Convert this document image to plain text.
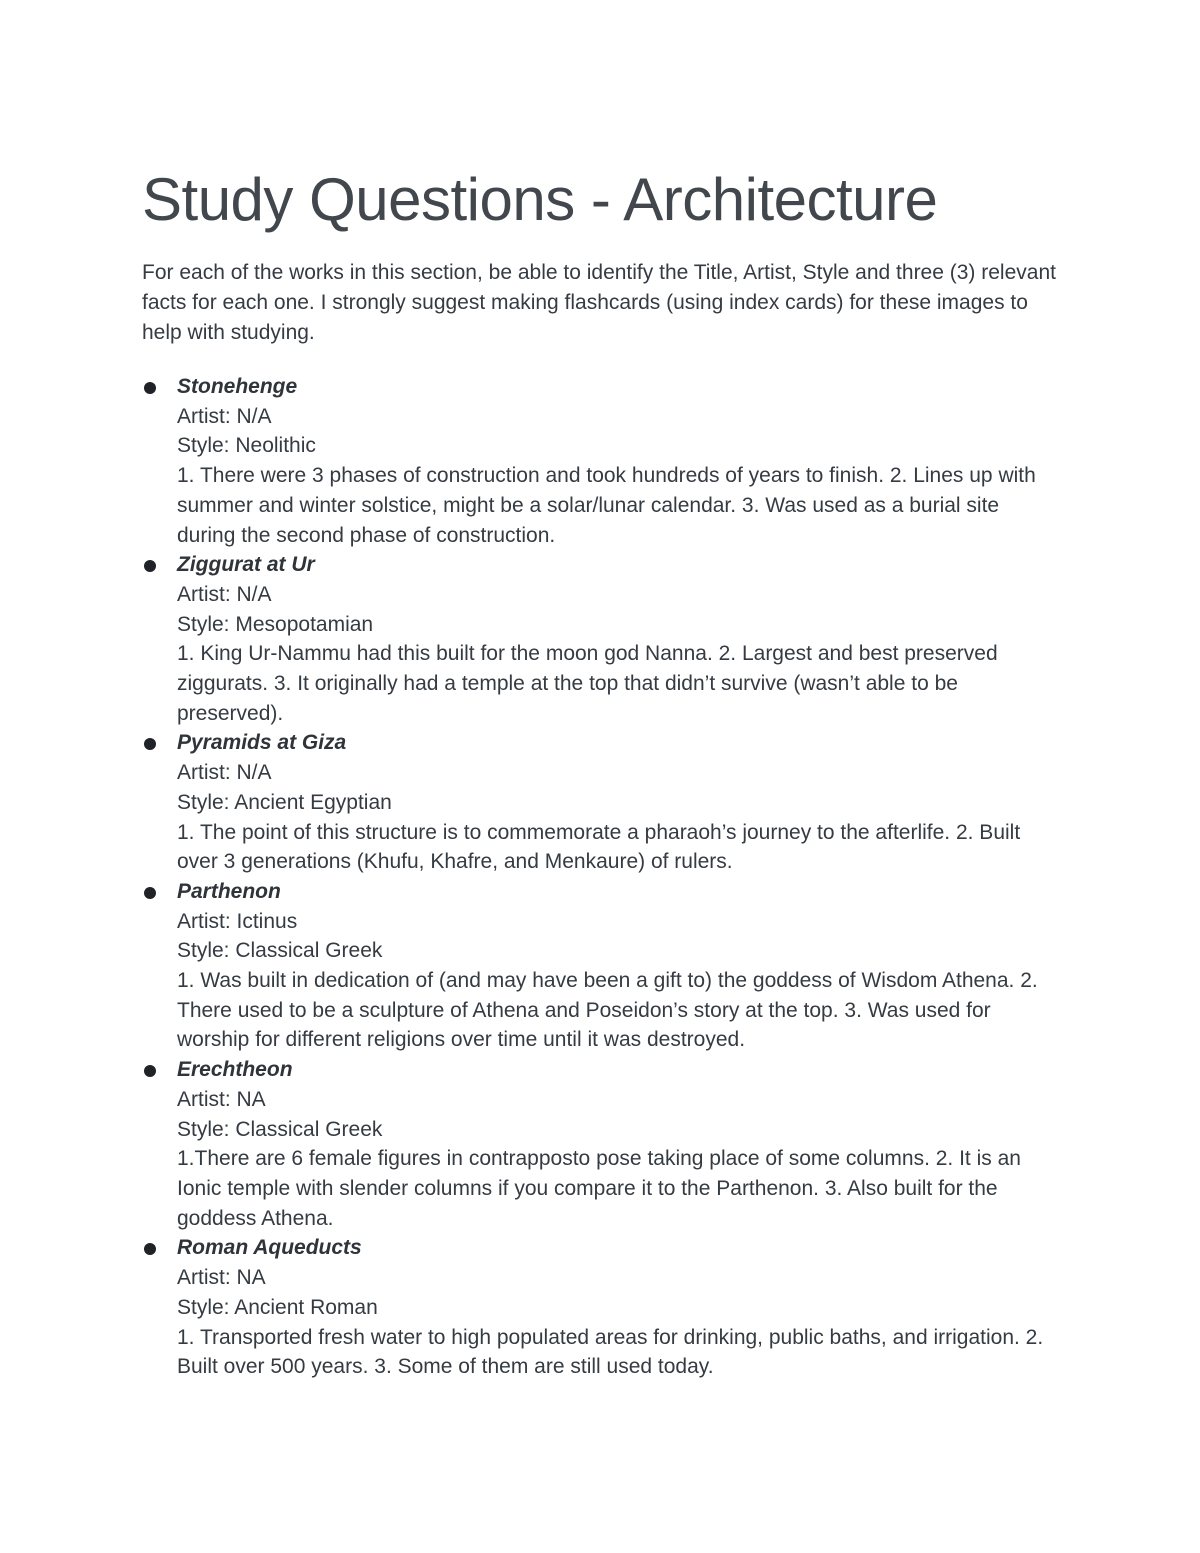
Study Questions - Architecture

For each of the works in this section, be able to identify the Title, Artist, Style and three (3) relevant facts for each one. I strongly suggest making flashcards (using index cards) for these images to help with studying.

Stonehenge
Artist: N/A
Style: Neolithic
1. There were 3 phases of construction and took hundreds of years to finish. 2. Lines up with summer and winter solstice, might be a solar/lunar calendar. 3. Was used as a burial site during the second phase of construction.
Ziggurat at Ur
Artist: N/A
Style: Mesopotamian
1. King Ur-Nammu had this built for the moon god Nanna. 2. Largest and best preserved ziggurats. 3. It originally had a temple at the top that didn’t survive (wasn’t able to be preserved).
Pyramids at Giza
Artist: N/A
Style: Ancient Egyptian
1. The point of this structure is to commemorate a pharaoh’s journey to the afterlife. 2. Built over 3 generations (Khufu, Khafre, and Menkaure) of rulers.
Parthenon
Artist: Ictinus
Style: Classical Greek
1. Was built in dedication of (and may have been a gift to) the goddess of Wisdom Athena. 2. There used to be a sculpture of Athena and Poseidon’s story at the top. 3. Was used for worship for different religions over time until it was destroyed.
Erechtheon
Artist: NA
Style: Classical Greek
1.There are 6 female figures in contrapposto pose taking place of some columns. 2. It is an Ionic temple with slender columns if you compare it to the Parthenon. 3. Also built for the goddess Athena.
Roman Aqueducts
Artist: NA
Style: Ancient Roman
1. Transported fresh water to high populated areas for drinking, public baths, and irrigation. 2. Built over 500 years. 3. Some of them are still used today.
